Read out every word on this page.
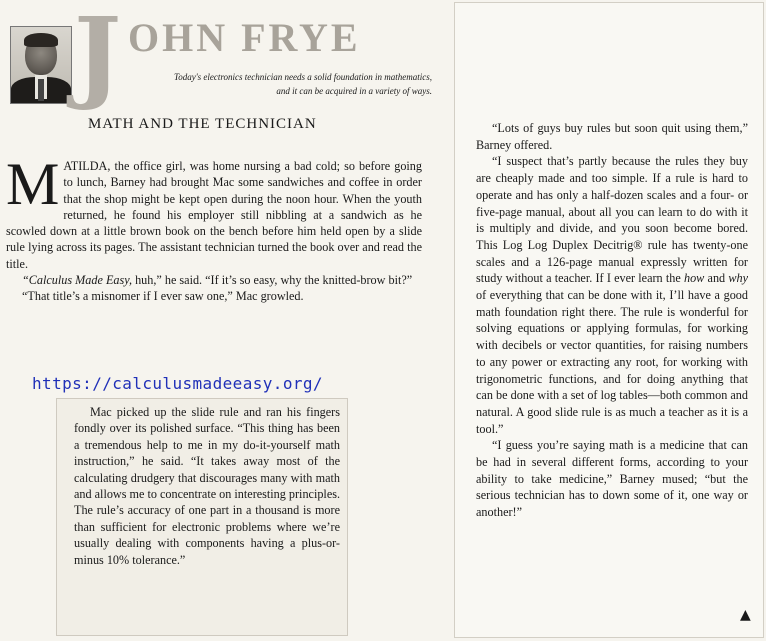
J OHN FRYE
Today's electronics technician needs a solid foundation in mathematics, and it can be acquired in a variety of ways.
MATH AND THE TECHNICIAN

MATILDA, the office girl, was home nursing a bad cold; so before going to lunch, Barney had brought Mac some sandwiches and coffee in order that the shop might be kept open during the noon hour. When the youth returned, he found his employer still nibbling at a sandwich as he scowled down at a little brown book on the bench before him held open by a slide rule lying across its pages. The assistant technician turned the book over and read the title.

“Calculus Made Easy, huh,” he said. “If it’s so easy, why the knitted-brow bit?”

“That title’s a misnomer if I ever saw one,” Mac growled.

https://calculusmadeeasy.org/

Mac picked up the slide rule and ran his fingers fondly over its polished surface. “This thing has been a tremendous help to me in my do-it-yourself math instruction,” he said. “It takes away most of the calculating drudgery that discourages many with math and allows me to concentrate on interesting principles. The rule’s accuracy of one part in a thousand is more than sufficient for electronic problems where we’re usually dealing with components having a plus-or-minus 10% tolerance.”

“Lots of guys buy rules but soon quit using them,” Barney offered.

“I suspect that’s partly because the rules they buy are cheaply made and too simple. If a rule is hard to operate and has only a half-dozen scales and a four- or five-page manual, about all you can learn to do with it is multiply and divide, and you soon become bored. This Log Log Duplex Decitrig® rule has twenty-one scales and a 126-page manual expressly written for study without a teacher. If I ever learn the how and why of everything that can be done with it, I’ll have a good math foundation right there. The rule is wonderful for solving equations or applying formulas, for working with decibels or vector quantities, for raising numbers to any power or extracting any root, for working with trigonometric functions, and for doing anything that can be done with a set of log tables—both common and natural. A good slide rule is as much a teacher as it is a tool.”

“I guess you’re saying math is a medicine that can be had in several different forms, according to your ability to take medicine,” Barney mused; “but the serious technician has to down some of it, one way or another!”

▲
